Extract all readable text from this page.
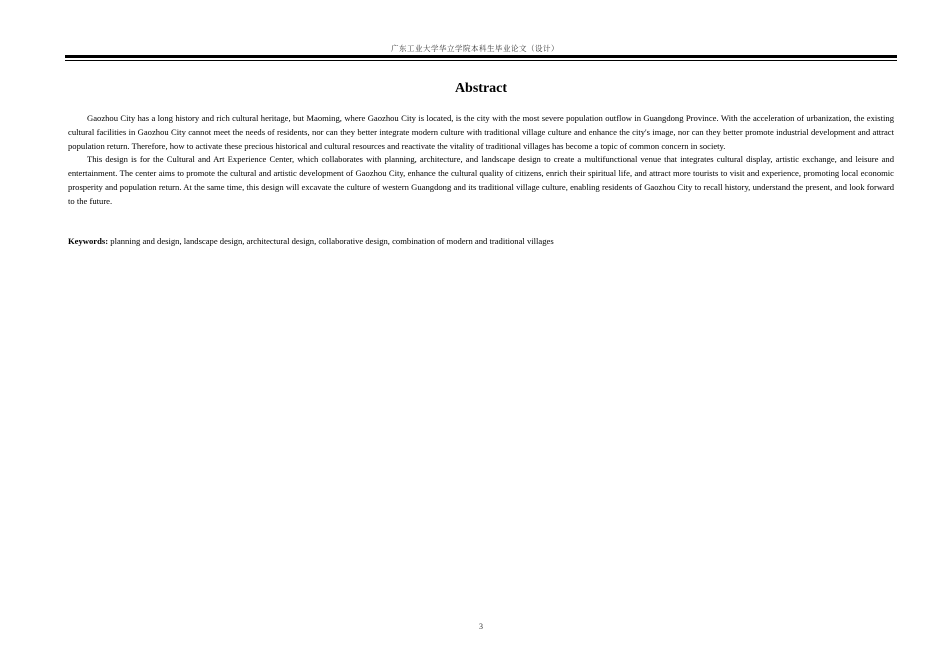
广东工业大学华立学院本科生毕业论文（设计）
Abstract

Gaozhou City has a long history and rich cultural heritage, but Maoming, where Gaozhou City is located, is the city with the most severe population outflow in Guangdong Province. With the acceleration of urbanization, the existing cultural facilities in Gaozhou City cannot meet the needs of residents, nor can they better integrate modern culture with traditional village culture and enhance the city's image, nor can they better promote industrial development and attract population return. Therefore, how to activate these precious historical and cultural resources and reactivate the vitality of traditional villages has become a topic of common concern in society.

This design is for the Cultural and Art Experience Center, which collaborates with planning, architecture, and landscape design to create a multifunctional venue that integrates cultural display, artistic exchange, and leisure and entertainment. The center aims to promote the cultural and artistic development of Gaozhou City, enhance the cultural quality of citizens, enrich their spiritual life, and attract more tourists to visit and experience, promoting local economic prosperity and population return. At the same time, this design will excavate the culture of western Guangdong and its traditional village culture, enabling residents of Gaozhou City to recall history, understand the present, and look forward to the future.

Keywords: planning and design, landscape design, architectural design, collaborative design, combination of modern and traditional villages
3
